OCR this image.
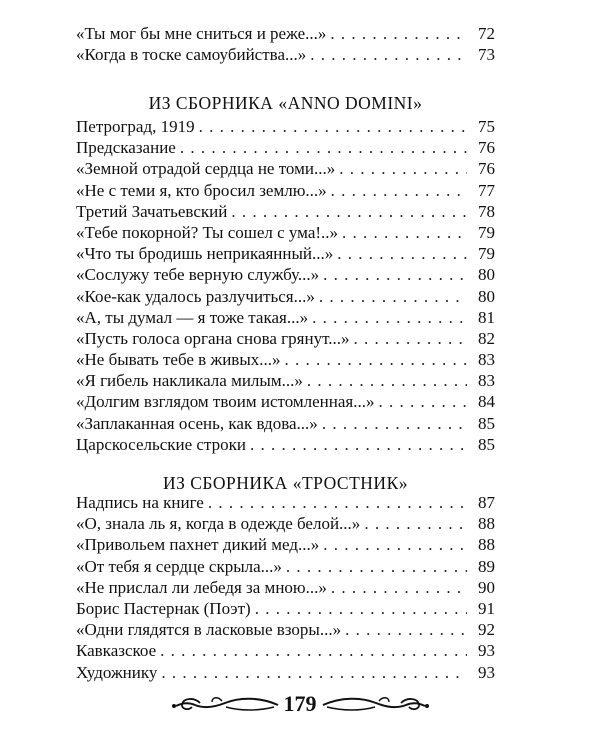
«Ты мог бы мне сниться и реже...» . . .	72
«Когда в тоске самоубийства...» . . .	73
ИЗ СБОРНИКА «ANNO DOMINI»
Петроград, 1919 . . .	75
Предсказание . . .	76
«Земной отрадой сердца не томи...» . . .	76
«Не с теми я, кто бросил землю...» . . .	77
Третий Зачатьевский . . .	78
«Тебе покорной? Ты сошел с ума!..» . . .	79
«Что ты бродишь неприкаянный...» . . .	79
«Сослужу тебе верную службу...» . . .	80
«Кое-как удалось разлучиться...» . . .	80
«А, ты думал — я тоже такая...» . . .	81
«Пусть голоса органа снова грянут...» . . .	82
«Не бывать тебе в живых...» . . .	83
«Я гибель накликала милым...» . . .	83
«Долгим взглядом твоим истомленная...» . . .	84
«Заплаканная осень, как вдова...» . . .	85
Царскосельские строки . . .	85
ИЗ СБОРНИКА «ТРОСТНИК»
Надпись на книге . . .	87
«О, знала ль я, когда в одежде белой...» . . .	88
«Привольем пахнет дикий мед...» . . .	88
«От тебя я сердце скрыла...» . . .	89
«Не прислал ли лебедя за мною...» . . .	90
Борис Пастернак (Поэт) . . .	91
«Одни глядятся в ласковые взоры...» . . .	92
Кавказское . . .	93
Художнику . . .	93
179
